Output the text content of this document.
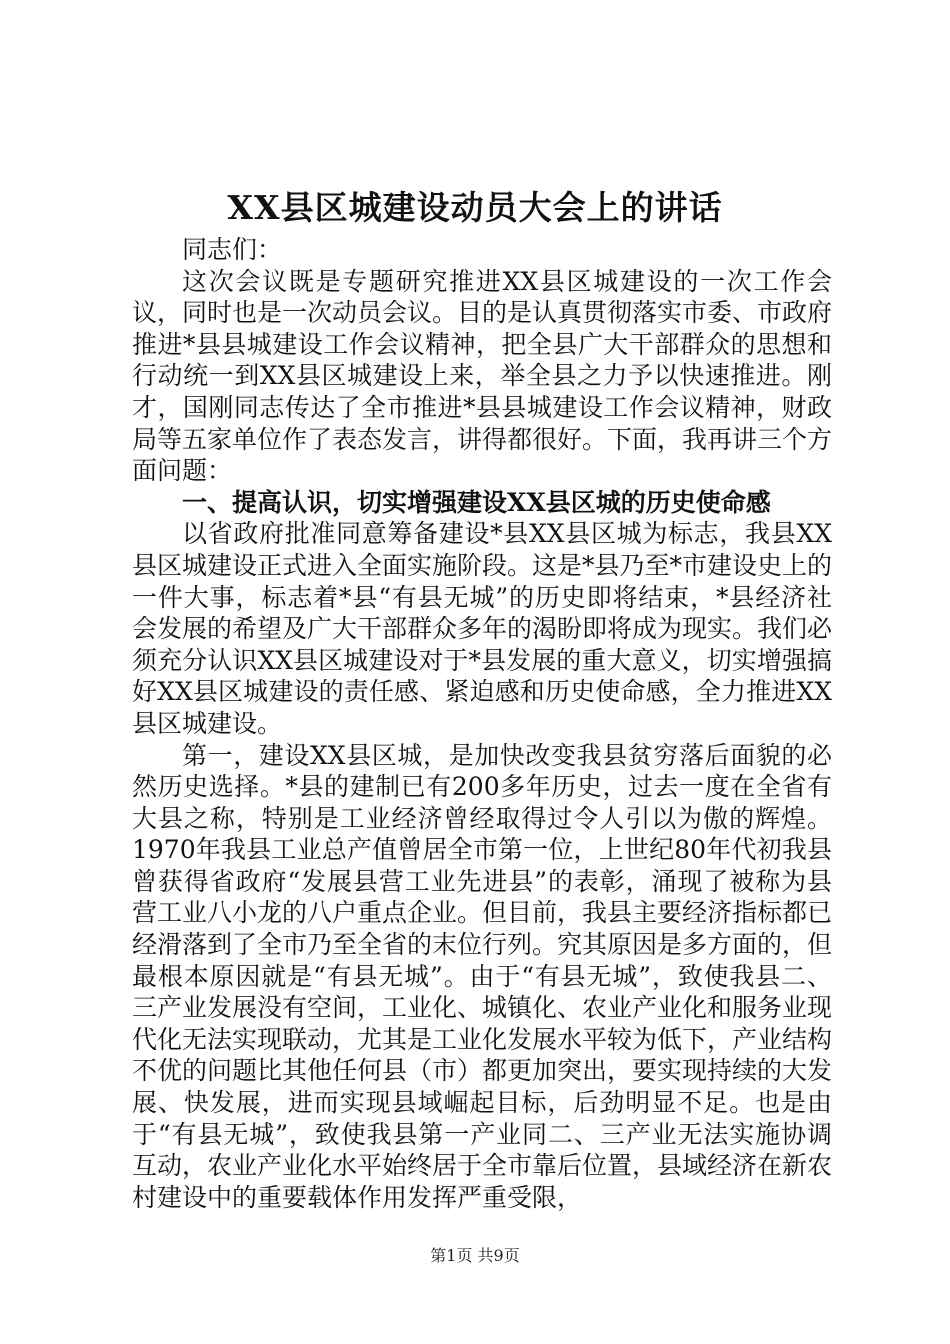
XX县区城建设动员大会上的讲话

同志们：

这次会议既是专题研究推进XX县区城建设的一次工作会议，同时也是一次动员会议。目的是认真贯彻落实市委、市政府推进*县县城建设工作会议精神，把全县广大干部群众的思想和行动统一到XX县区城建设上来，举全县之力予以快速推进。刚才，国刚同志传达了全市推进*县县城建设工作会议精神，财政局等五家单位作了表态发言，讲得都很好。下面，我再讲三个方面问题：

一、提高认识，切实增强建设XX县区城的历史使命感

以省政府批准同意筹备建设*县XX县区城为标志，我县XX县区城建设正式进入全面实施阶段。这是*县乃至*市建设史上的一件大事，标志着*县“有县无城”的历史即将结束，*县经济社会发展的希望及广大干部群众多年的渴盼即将成为现实。我们必须充分认识XX县区城建设对于*县发展的重大意义，切实增强搞好XX县区城建设的责任感、紧迫感和历史使命感，全力推进XX县区城建设。

第一，建设XX县区城，是加快改变我县贫穷落后面貌的必然历史选择。*县的建制已有200多年历史，过去一度在全省有大县之称，特别是工业经济曾经取得过令人引以为傲的辉煌。1970年我县工业总产值曾居全市第一位，上世纪80年代初我县曾获得省政府“发展县营工业先进县”的表彰，涌现了被称为县营工业八小龙的八户重点企业。但目前，我县主要经济指标都已经滑落到了全市乃至全省的末位行列。究其原因是多方面的，但最根本原因就是“有县无城”。由于“有县无城”，致使我县二、三产业发展没有空间，工业化、城镇化、农业产业化和服务业现代化无法实现联动，尤其是工业化发展水平较为低下，产业结构不优的问题比其他任何县（市）都更加突出，要实现持续的大发展、快发展，进而实现县域崛起目标，后劲明显不足。也是由于“有县无城”，致使我县第一产业同二、三产业无法实施协调互动，农业产业化水平始终居于全市靠后位置，县域经济在新农村建设中的重要载体作用发挥严重受限，

第1页 共9页
